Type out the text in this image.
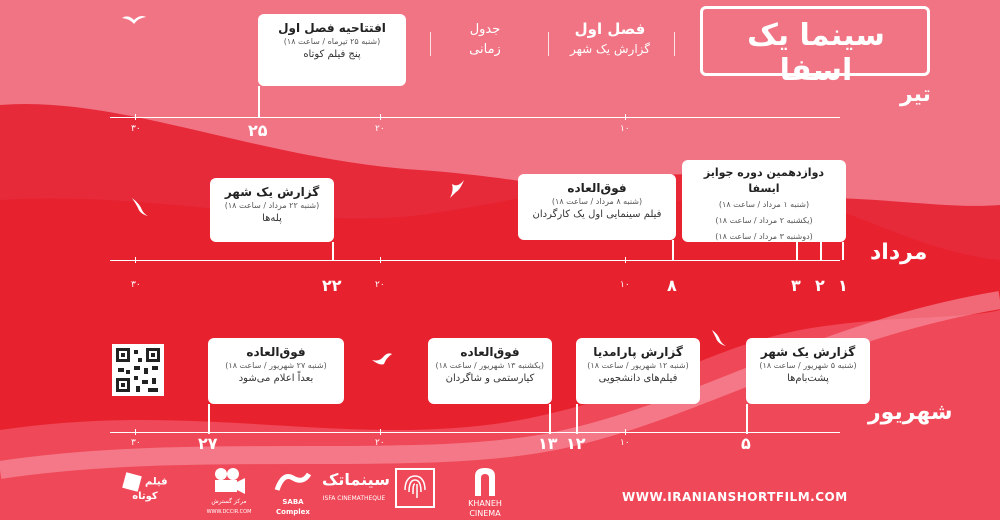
سینما یک اسفا
فصل اول
گزارش یک شهر
جدول
زمانی
افتتاحیه فصل اول
(شنبه ۲۵ تیرماه / ساعت ۱۸)
پنج فیلم کوتاه
تیر
۳۰	۲۵	۲۰	۱۰
گزارش یک شهر
(شنبه ۲۲ مرداد / ساعت ۱۸)
پله‌ها
فوق‌العاده
(شنبه ۸ مرداد / ساعت ۱۸)
فیلم سینمایی اول یک کارگردان
دوازدهمین دوره جوایز ایسفا
(شنبه ۱ مرداد / ساعت ۱۸)
(یکشنبه ۲ مرداد / ساعت ۱۸)
(دوشنبه ۳ مرداد / ساعت ۱۸)
مرداد
۳۰	۲۲	۲۰	۱۰ ۸	۳ ۲ ۱
فوق‌العاده
(شنبه ۲۷ شهریور / ساعت ۱۸)
بعداً اعلام می‌شود
فوق‌العاده
(یکشنبه ۱۳ شهریور / ساعت ۱۸)
کیارستمی و شاگردان
گزارش پارامدیا
(شنبه ۱۲ شهریور / ساعت ۱۸)
فیلم‌های دانشجویی
گزارش یک شهر
(شنبه ۵ شهریور / ساعت ۱۸)
پشت‌بام‌ها
شهریور
۳۰	۲۷	۲۰	۱۳ ۱۲	۱۰	۵
WWW.IRANIANSHORTFILM.COM
KHANEH
CINEMA
سینماتک
ISFA CINEMATHEQUE
SABA Complex
مرکز گسترش
WWW.DCCIR.COM
فیلم کوتاه
